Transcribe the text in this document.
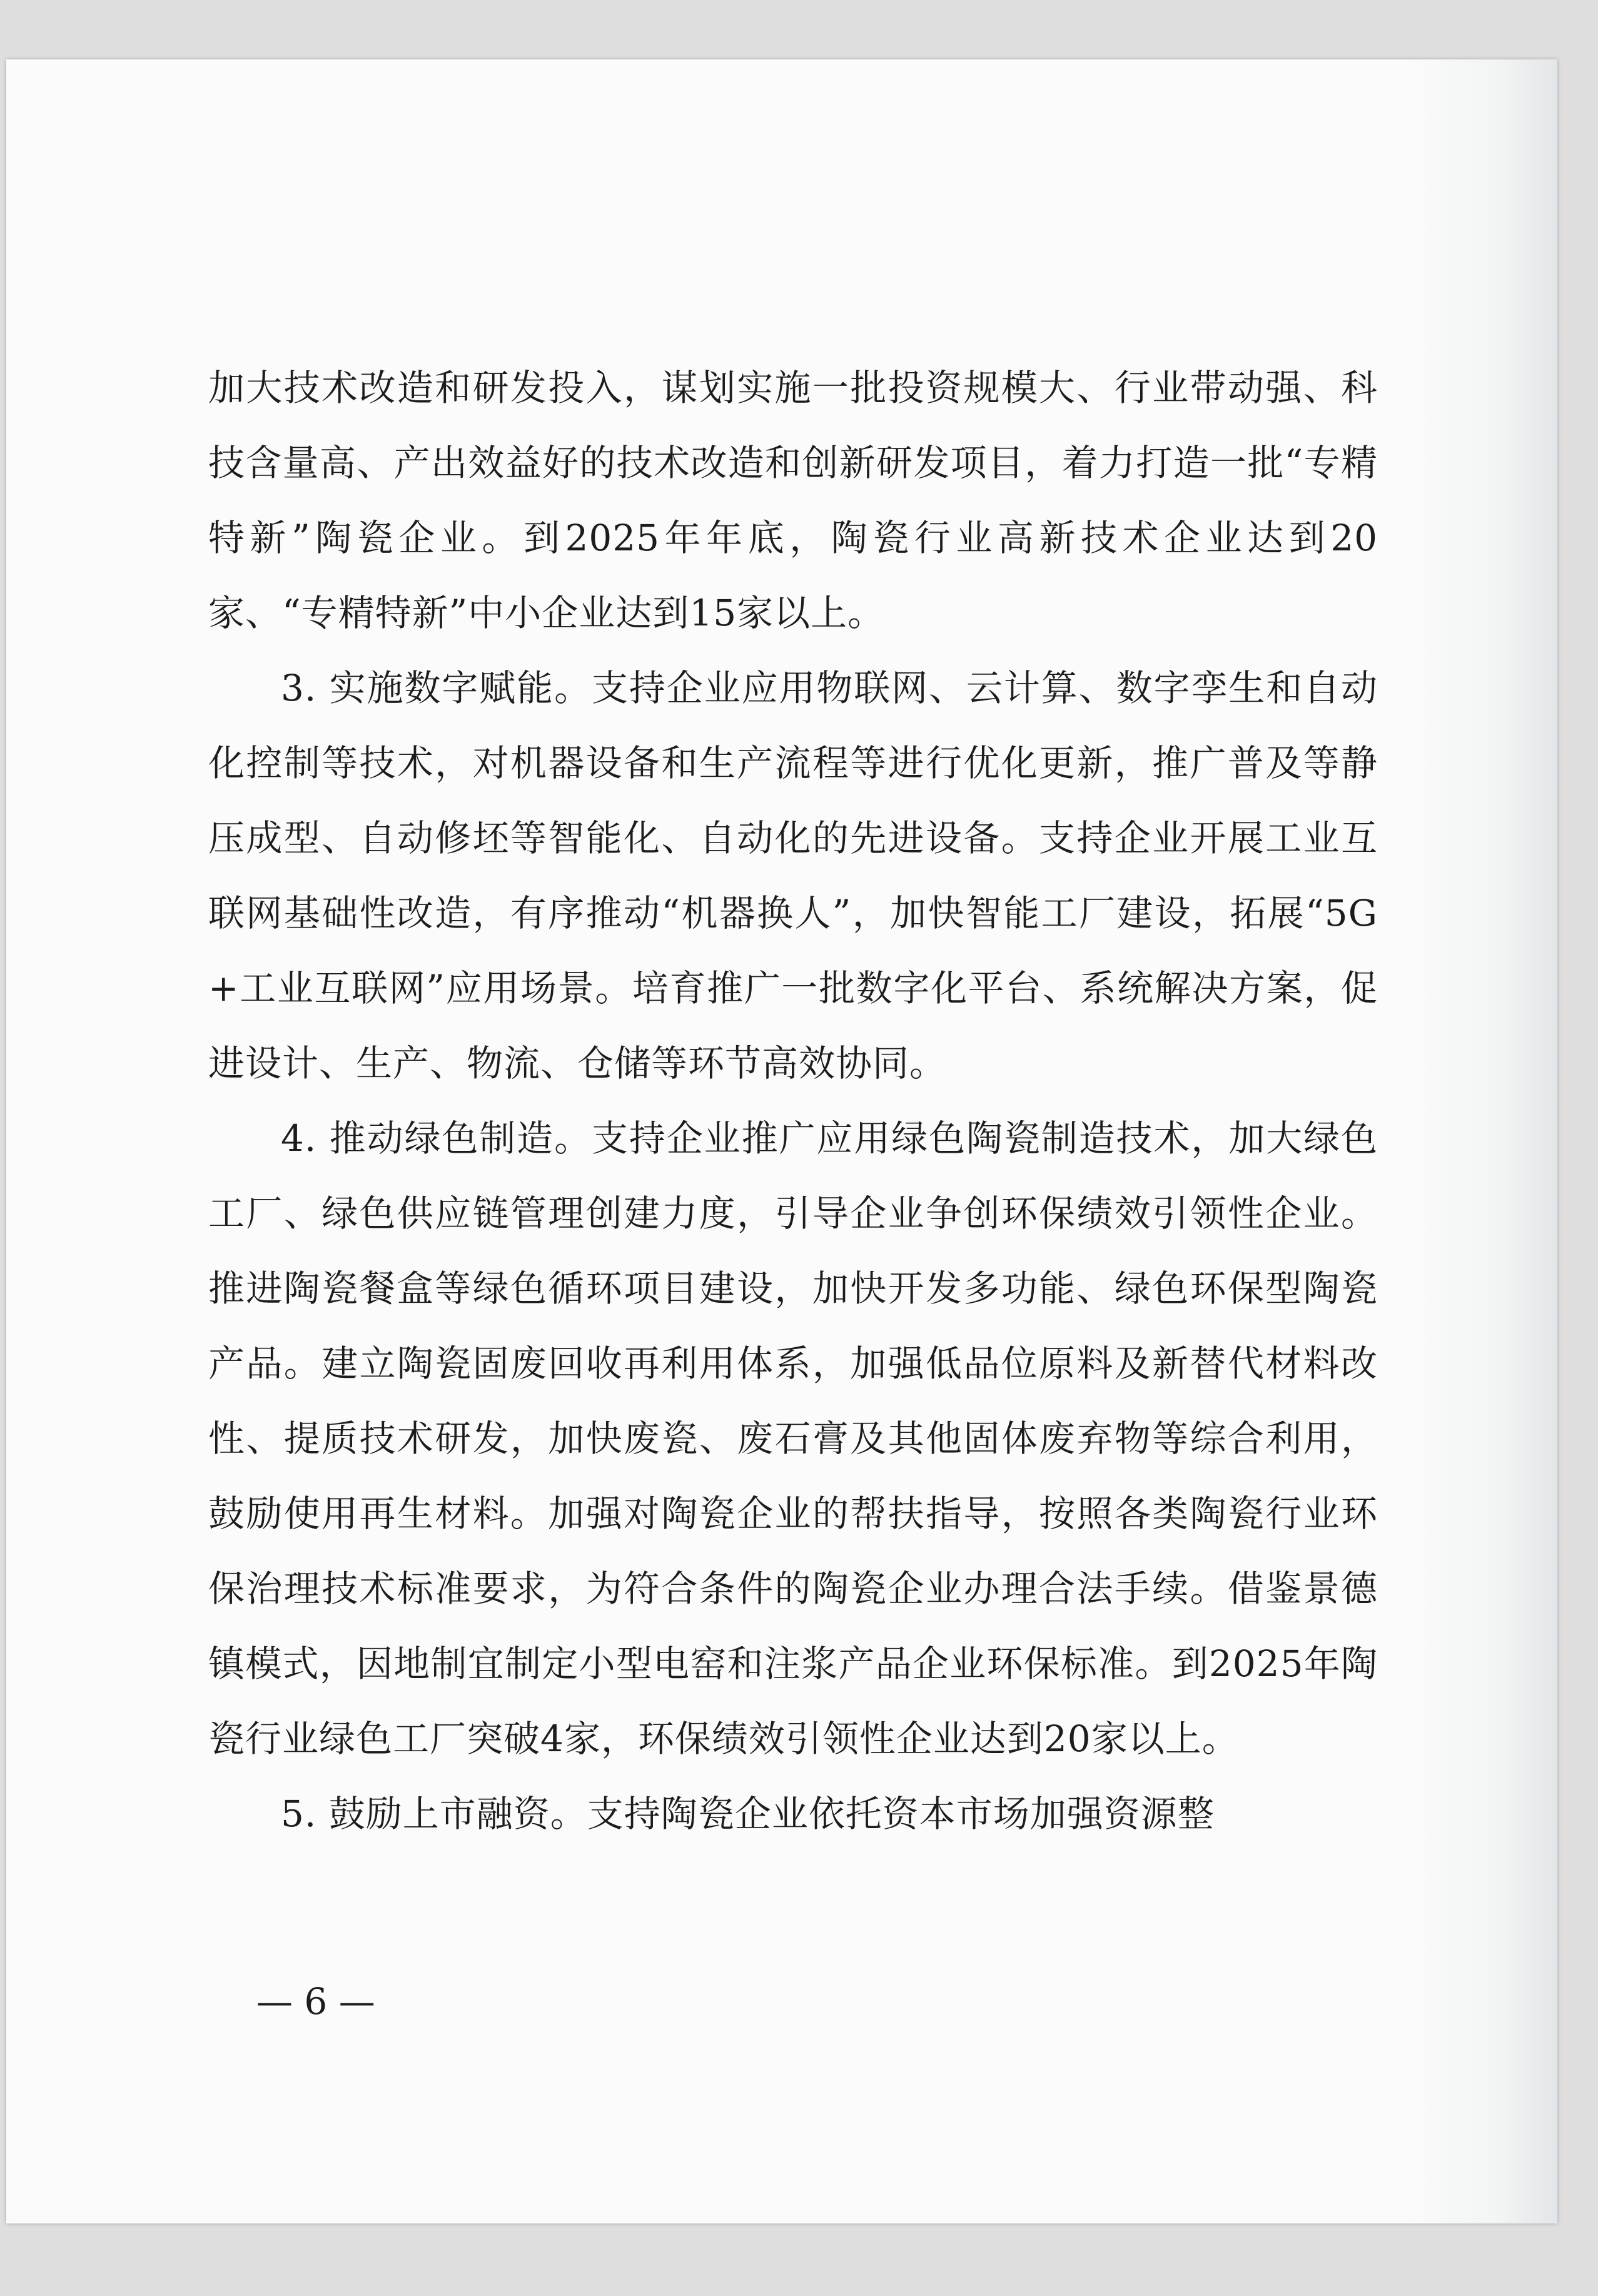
加大技术改造和研发投入，谋划实施一批投资规模大、行业带动强、科技含量高、产出效益好的技术改造和创新研发项目，着力打造一批“专精特新”陶瓷企业。到2025年年底，陶瓷行业高新技术企业达到20家、“专精特新”中小企业达到15家以上。

3. 实施数字赋能。支持企业应用物联网、云计算、数字孪生和自动化控制等技术，对机器设备和生产流程等进行优化更新，推广普及等静压成型、自动修坯等智能化、自动化的先进设备。支持企业开展工业互联网基础性改造，有序推动“机器换人”，加快智能工厂建设，拓展“5G+工业互联网”应用场景。培育推广一批数字化平台、系统解决方案，促进设计、生产、物流、仓储等环节高效协同。

4. 推动绿色制造。支持企业推广应用绿色陶瓷制造技术，加大绿色工厂、绿色供应链管理创建力度，引导企业争创环保绩效引领性企业。推进陶瓷餐盒等绿色循环项目建设，加快开发多功能、绿色环保型陶瓷产品。建立陶瓷固废回收再利用体系，加强低品位原料及新替代材料改性、提质技术研发，加快废瓷、废石膏及其他固体废弃物等综合利用，鼓励使用再生材料。加强对陶瓷企业的帮扶指导，按照各类陶瓷行业环保治理技术标准要求，为符合条件的陶瓷企业办理合法手续。借鉴景德镇模式，因地制宜制定小型电窑和注浆产品企业环保标准。到2025年陶瓷行业绿色工厂突破4家，环保绩效引领性企业达到20家以上。

5. 鼓励上市融资。支持陶瓷企业依托资本市场加强资源整

— 6 —
